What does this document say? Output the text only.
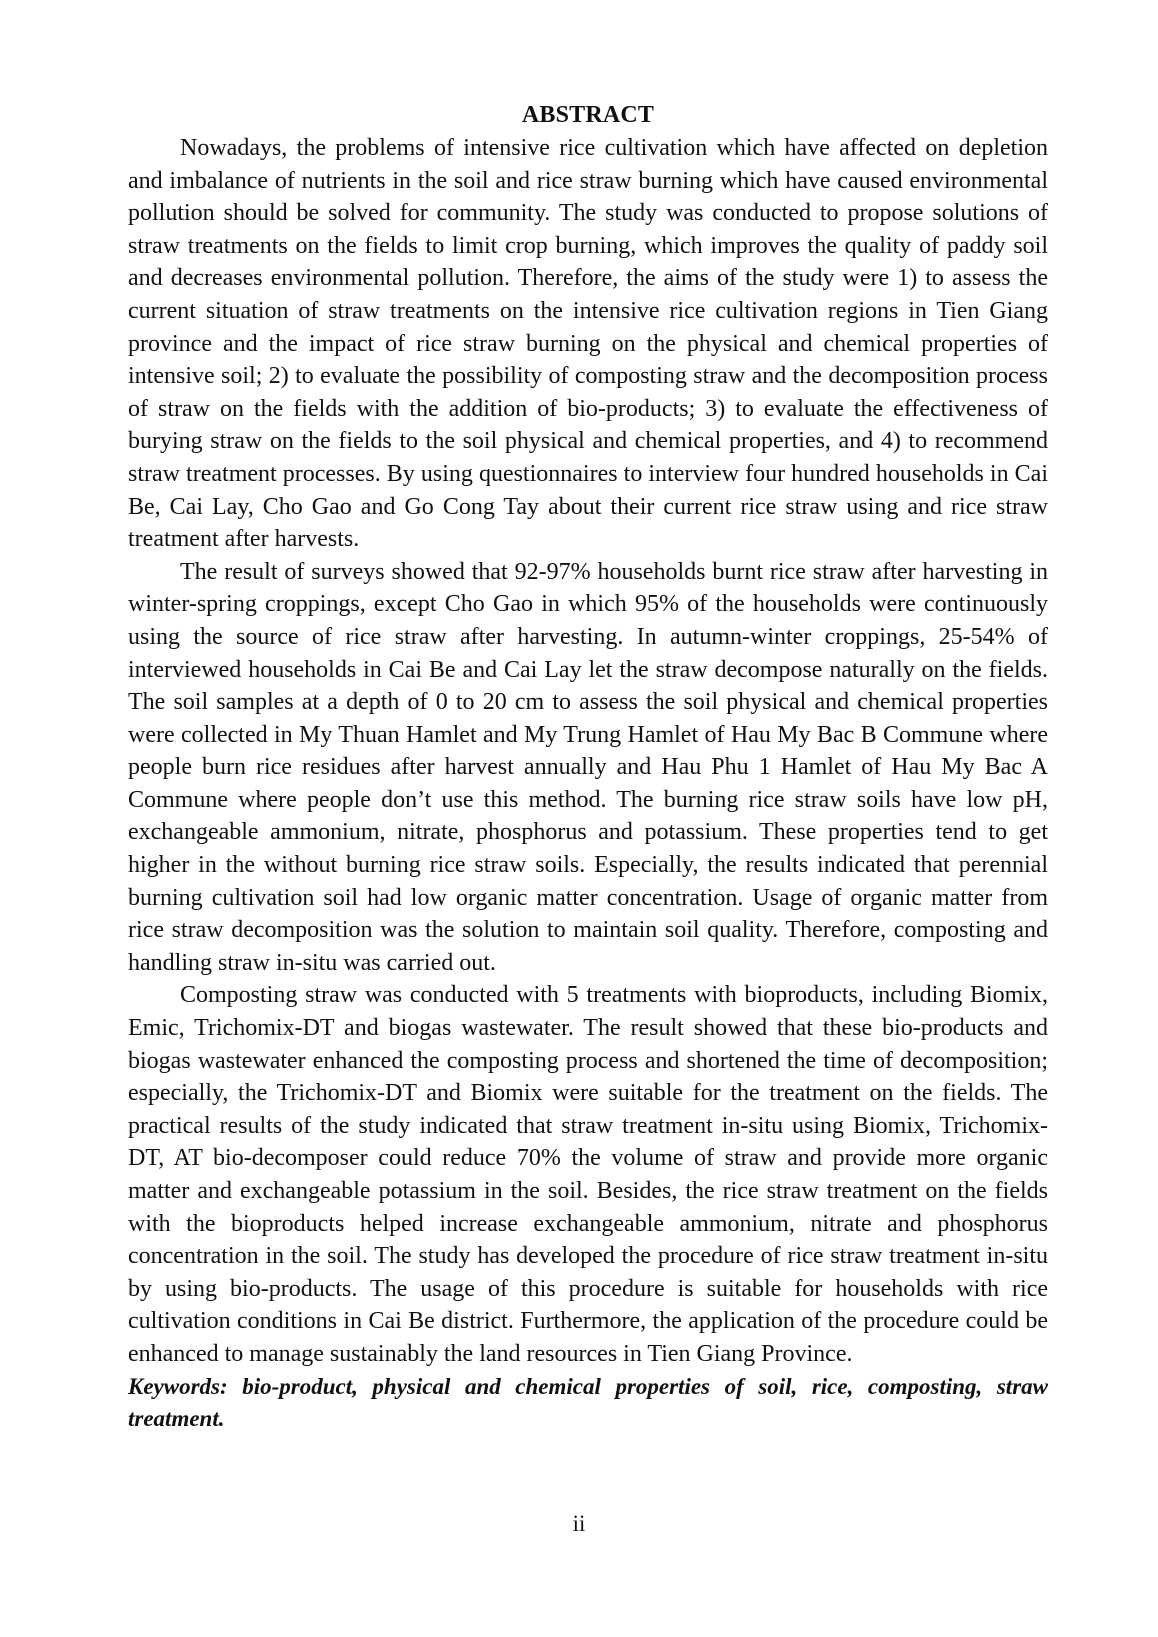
ABSTRACT

Nowadays, the problems of intensive rice cultivation which have affected on depletion and imbalance of nutrients in the soil and rice straw burning which have caused environmental pollution should be solved for community. The study was conducted to propose solutions of straw treatments on the fields to limit crop burning, which improves the quality of paddy soil and decreases environmental pollution. Therefore, the aims of the study were 1) to assess the current situation of straw treatments on the intensive rice cultivation regions in Tien Giang province and the impact of rice straw burning on the physical and chemical properties of intensive soil; 2) to evaluate the possibility of composting straw and the decomposition process of straw on the fields with the addition of bio-products; 3) to evaluate the effectiveness of burying straw on the fields to the soil physical and chemical properties, and 4) to recommend straw treatment processes. By using questionnaires to interview four hundred households in Cai Be, Cai Lay, Cho Gao and Go Cong Tay about their current rice straw using and rice straw treatment after harvests.

The result of surveys showed that 92-97% households burnt rice straw after harvesting in winter-spring croppings, except Cho Gao in which 95% of the households were continuously using the source of rice straw after harvesting. In autumn-winter croppings, 25-54% of interviewed households in Cai Be and Cai Lay let the straw decompose naturally on the fields. The soil samples at a depth of 0 to 20 cm to assess the soil physical and chemical properties were collected in My Thuan Hamlet and My Trung Hamlet of Hau My Bac B Commune where people burn rice residues after harvest annually and Hau Phu 1 Hamlet of Hau My Bac A Commune where people don’t use this method. The burning rice straw soils have low pH, exchangeable ammonium, nitrate, phosphorus and potassium. These properties tend to get higher in the without burning rice straw soils. Especially, the results indicated that perennial burning cultivation soil had low organic matter concentration. Usage of organic matter from rice straw decomposition was the solution to maintain soil quality. Therefore, composting and handling straw in-situ was carried out.

Composting straw was conducted with 5 treatments with bioproducts, including Biomix, Emic, Trichomix-DT and biogas wastewater. The result showed that these bio-products and biogas wastewater enhanced the composting process and shortened the time of decomposition; especially, the Trichomix-DT and Biomix were suitable for the treatment on the fields. The practical results of the study indicated that straw treatment in-situ using Biomix, Trichomix-DT, AT bio-decomposer could reduce 70% the volume of straw and provide more organic matter and exchangeable potassium in the soil. Besides, the rice straw treatment on the fields with the bioproducts helped increase exchangeable ammonium, nitrate and phosphorus concentration in the soil. The study has developed the procedure of rice straw treatment in-situ by using bio-products. The usage of this procedure is suitable for households with rice cultivation conditions in Cai Be district. Furthermore, the application of the procedure could be enhanced to manage sustainably the land resources in Tien Giang Province.

Keywords: bio-product, physical and chemical properties of soil, rice, composting, straw treatment.

ii
